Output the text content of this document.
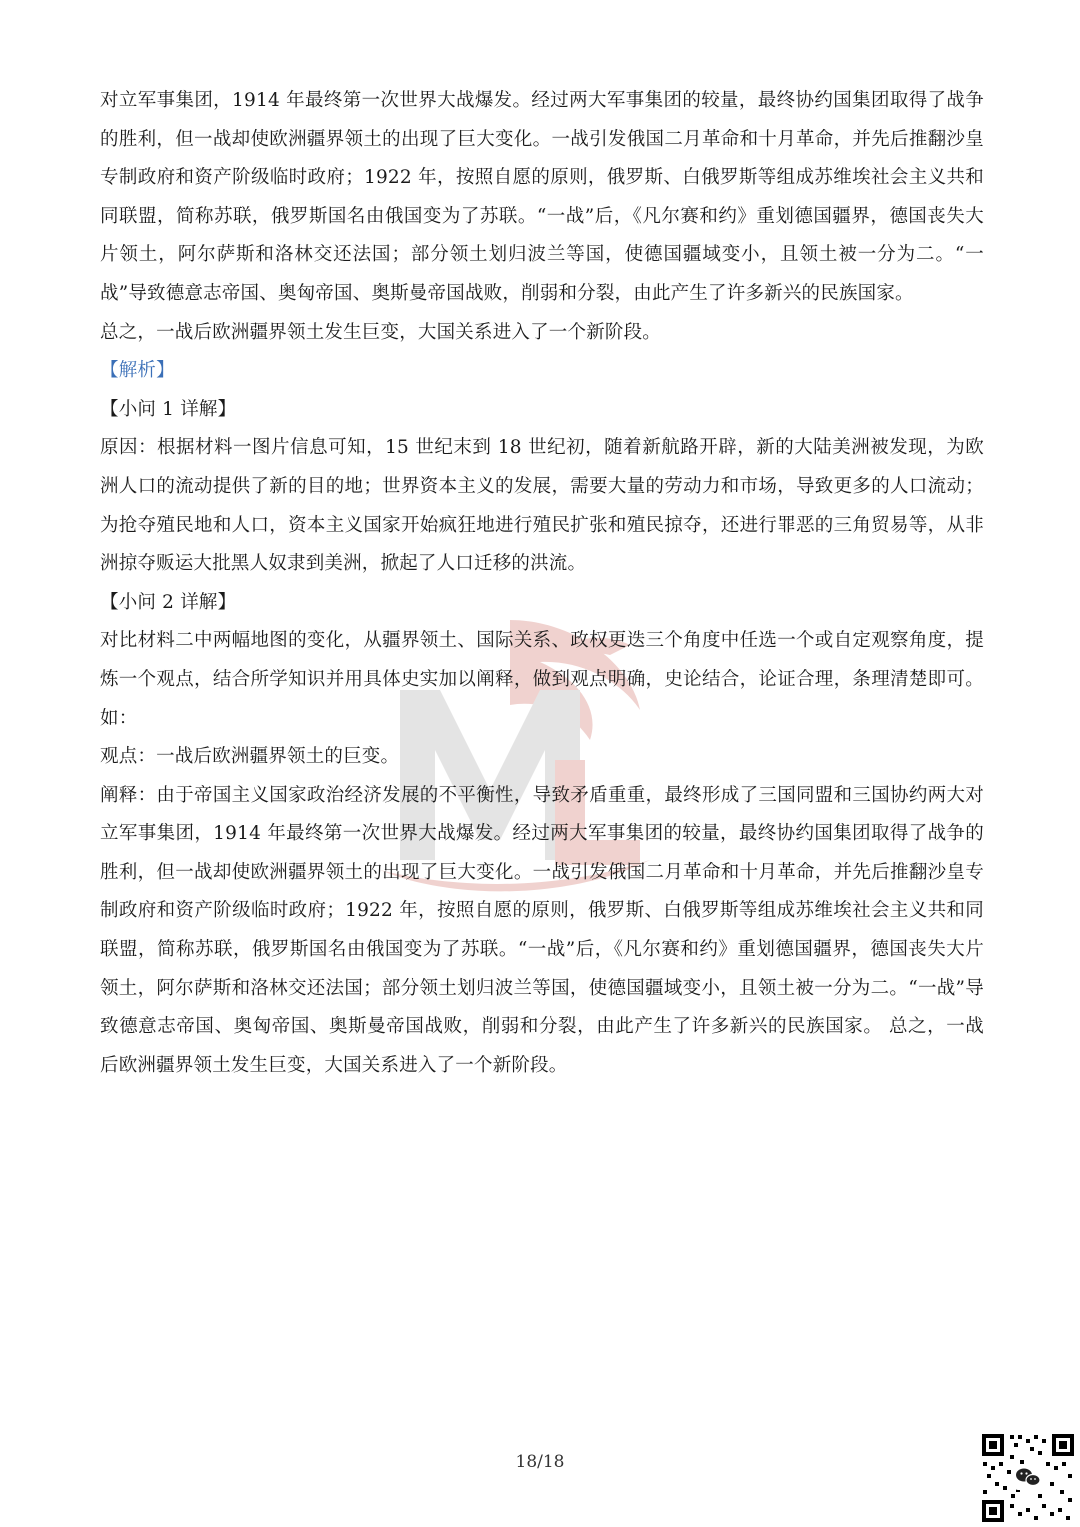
对立军事集团，1914 年最终第一次世界大战爆发。经过两大军事集团的较量，最终协约国集团取得了战争的胜利，但一战却使欧洲疆界领土的出现了巨大变化。一战引发俄国二月革命和十月革命，并先后推翻沙皇专制政府和资产阶级临时政府；1922 年，按照自愿的原则，俄罗斯、白俄罗斯等组成苏维埃社会主义共和同联盟，简称苏联，俄罗斯国名由俄国变为了苏联。“一战”后，《凡尔赛和约》重划德国疆界，德国丧失大片领土，阿尔萨斯和洛林交还法国；部分领土划归波兰等国，使德国疆域变小，且领土被一分为二。“一战”导致德意志帝国、奥匈帝国、奥斯曼帝国战败，削弱和分裂，由此产生了许多新兴的民族国家。

总之，一战后欧洲疆界领土发生巨变，大国关系进入了一个新阶段。

【解析】

【小问 1 详解】

原因：根据材料一图片信息可知，15 世纪末到 18 世纪初，随着新航路开辟，新的大陆美洲被发现，为欧洲人口的流动提供了新的目的地；世界资本主义的发展，需要大量的劳动力和市场，导致更多的人口流动；为抢夺殖民地和人口，资本主义国家开始疯狂地进行殖民扩张和殖民掠夺，还进行罪恶的三角贸易等，从非洲掠夺贩运大批黑人奴隶到美洲，掀起了人口迁移的洪流。

【小问 2 详解】

对比材料二中两幅地图的变化，从疆界领土、国际关系、政权更迭三个角度中任选一个或自定观察角度，提炼一个观点，结合所学知识并用具体史实加以阐释，做到观点明确，史论结合，论证合理，条理清楚即可。如：

观点：一战后欧洲疆界领土的巨变。

阐释：由于帝国主义国家政治经济发展的不平衡性，导致矛盾重重，最终形成了三国同盟和三国协约两大对立军事集团，1914 年最终第一次世界大战爆发。经过两大军事集团的较量，最终协约国集团取得了战争的胜利，但一战却使欧洲疆界领土的出现了巨大变化。一战引发俄国二月革命和十月革命，并先后推翻沙皇专制政府和资产阶级临时政府；1922 年，按照自愿的原则，俄罗斯、白俄罗斯等组成苏维埃社会主义共和同联盟，简称苏联，俄罗斯国名由俄国变为了苏联。“一战”后，《凡尔赛和约》重划德国疆界，德国丧失大片领土，阿尔萨斯和洛林交还法国；部分领土划归波兰等国，使德国疆域变小，且领土被一分为二。“一战”导致德意志帝国、奥匈帝国、奥斯曼帝国战败，削弱和分裂，由此产生了许多新兴的民族国家。 总之，一战后欧洲疆界领土发生巨变，大国关系进入了一个新阶段。

18/18
